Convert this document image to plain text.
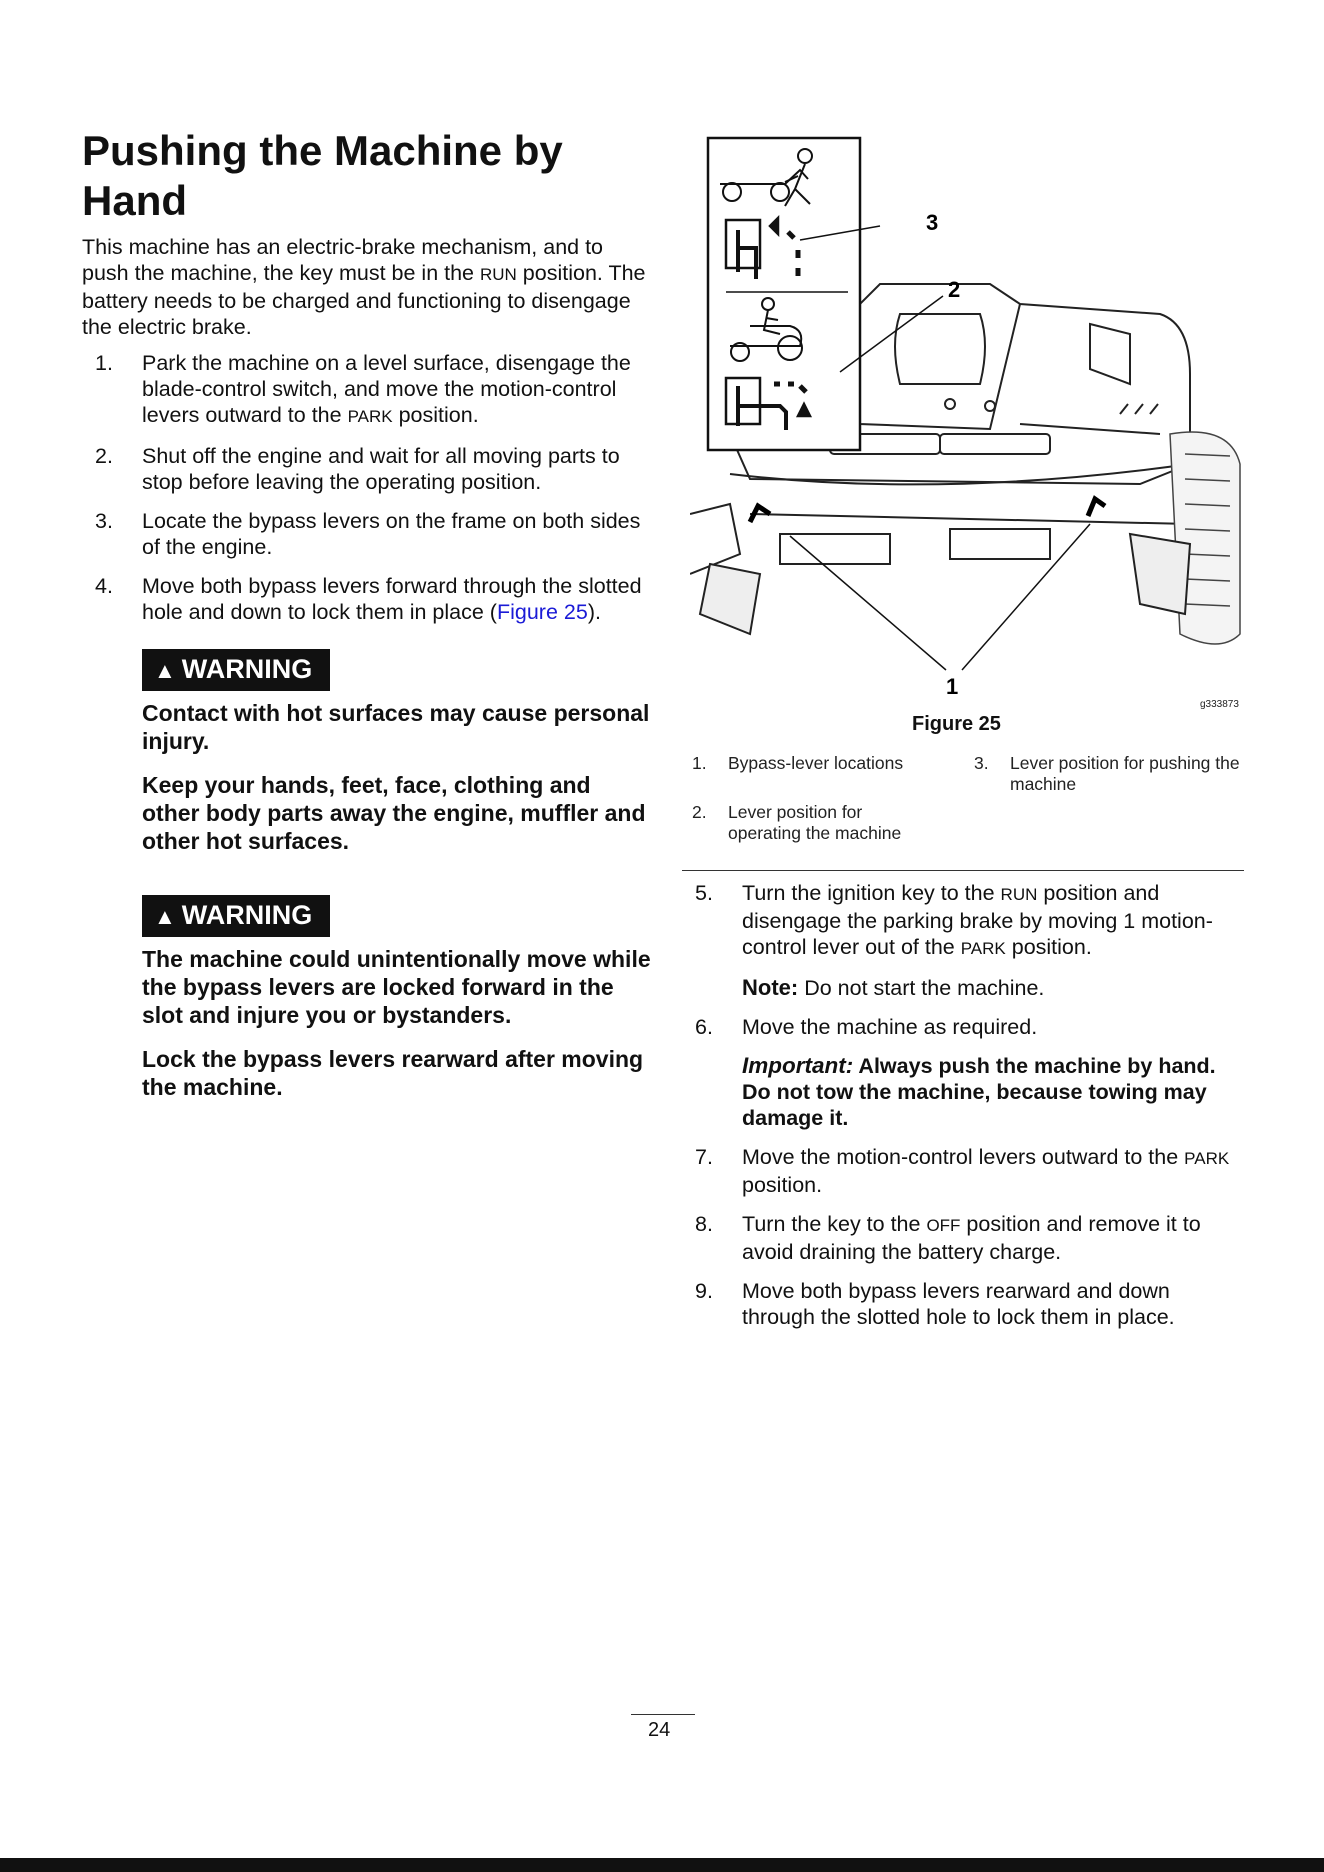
Pushing the Machine by Hand

This machine has an electric-brake mechanism, and to push the machine, the key must be in the RUN position. The battery needs to be charged and functioning to disengage the electric brake.

1. Park the machine on a level surface, disengage the blade-control switch, and move the motion-control levers outward to the PARK position.
2. Shut off the engine and wait for all moving parts to stop before leaving the operating position.
3. Locate the bypass levers on the frame on both sides of the engine.
4. Move both bypass levers forward through the slotted hole and down to lock them in place (Figure 25).
▲ WARNING

Contact with hot surfaces may cause personal injury.

Keep your hands, feet, face, clothing and other body parts away the engine, muffler and other hot surfaces.

▲ WARNING

The machine could unintentionally move while the bypass levers are locked forward in the slot and injure you or bystanders.

Lock the bypass levers rearward after moving the machine.

3
2
1
g333873
Figure 25
1. Bypass-lever locations	3. Lever position for pushing the machine
2. Lever position for operating the machine
5. Turn the ignition key to the RUN position and disengage the parking brake by moving 1 motion-control lever out of the PARK position.
Note: Do not start the machine.
6. Move the machine as required.
Important: Always push the machine by hand. Do not tow the machine, because towing may damage it.
7. Move the motion-control levers outward to the PARK position.
8. Turn the key to the OFF position and remove it to avoid draining the battery charge.
9. Move both bypass levers rearward and down through the slotted hole to lock them in place.
24
